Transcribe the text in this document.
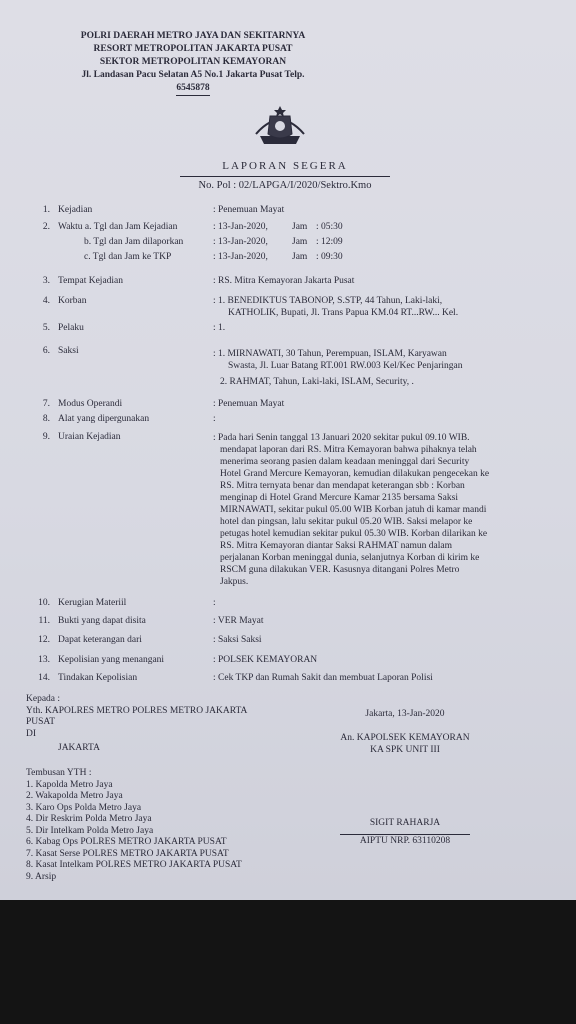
POLRI DAERAH METRO JAYA DAN SEKITARNYA
RESORT METROPOLITAN JAKARTA PUSAT
SEKTOR METROPOLITAN KEMAYORAN
Jl. Landasan Pacu Selatan A5 No.1 Jakarta Pusat Telp.
6545878
LAPORAN SEGERA
No. Pol : 02/LAPGA/I/2020/Sektro.Kmo
1. Kejadian	: Penemuan Mayat
2. Waktu a. Tgl dan Jam Kejadian	: 13-Jan-2020,	Jam : 05:30
b. Tgl dan Jam dilaporkan	: 13-Jan-2020,	Jam : 12:09
c. Tgl dan Jam ke TKP	: 13-Jan-2020,	Jam : 09:30
3. Tempat Kejadian	: RS. Mitra Kemayoran Jakarta Pusat
4. Korban	: 1. BENEDIKTUS TABONOP, S.STP, 44 Tahun, Laki-laki,
KATHOLIK, Bupati, Jl. Trans Papua KM.04 RT...RW... Kel.
5. Pelaku	: 1.
6. Saksi	: 1. MIRNAWATI, 30 Tahun, Perempuan, ISLAM, Karyawan
Swasta, Jl. Luar Batang RT.001 RW.003 Kel/Kec Penjaringan
2. RAHMAT, Tahun, Laki-laki, ISLAM, Security, .
7. Modus Operandi	: Penemuan Mayat
8. Alat yang dipergunakan	:
9. Uraian Kejadian	: Pada hari Senin tanggal 13 Januari 2020 sekitar pukul 09.10 WIB.
mendapat laporan dari RS. Mitra Kemayoran bahwa pihaknya telah
menerima seorang pasien dalam keadaan meninggal dari Security
Hotel Grand Mercure Kemayoran, kemudian dilakukan pengecekan ke
RS. Mitra ternyata benar dan mendapat keterangan sbb : Korban
menginap di Hotel Grand Mercure Kamar 2135 bersama Saksi
MIRNAWATI, sekitar pukul 05.00 WIB Korban jatuh di kamar mandi
hotel dan pingsan, lalu sekitar pukul 05.20 WIB. Saksi melapor ke
petugas hotel kemudian sekitar pukul 05.30 WIB. Korban dilarikan ke
RS. Mitra Kemayoran diantar Saksi RAHMAT namun dalam
perjalanan Korban meninggal dunia, selanjutnya Korban di kirim ke
RSCM guna dilakukan VER. Kasusnya ditangani Polres Metro
Jakpus.
10. Kerugian Materiil	:
11. Bukti yang dapat disita	: VER Mayat
12. Dapat keterangan dari	: Saksi Saksi
13. Kepolisian yang menangani	: POLSEK KEMAYORAN
14. Tindakan Kepolisian	: Cek TKP dan Rumah Sakit dan membuat Laporan Polisi
Kepada :
Yth. KAPOLRES METRO POLRES METRO JAKARTA
PUSAT
DI
JAKARTA
Jakarta, 13-Jan-2020
An. KAPOLSEK KEMAYORAN
KA SPK UNIT III
Tembusan YTH :
1. Kapolda Metro Jaya
2. Wakapolda Metro Jaya
3. Karo Ops Polda Metro Jaya
4. Dir Reskrim Polda Metro Jaya
5. Dir Intelkam Polda Metro Jaya
6. Kabag Ops POLRES METRO JAKARTA PUSAT
7. Kasat Serse POLRES METRO JAKARTA PUSAT
8. Kasat Intelkam POLRES METRO JAKARTA PUSAT
9. Arsip
SIGIT RAHARJA
AIPTU NRP. 63110208
